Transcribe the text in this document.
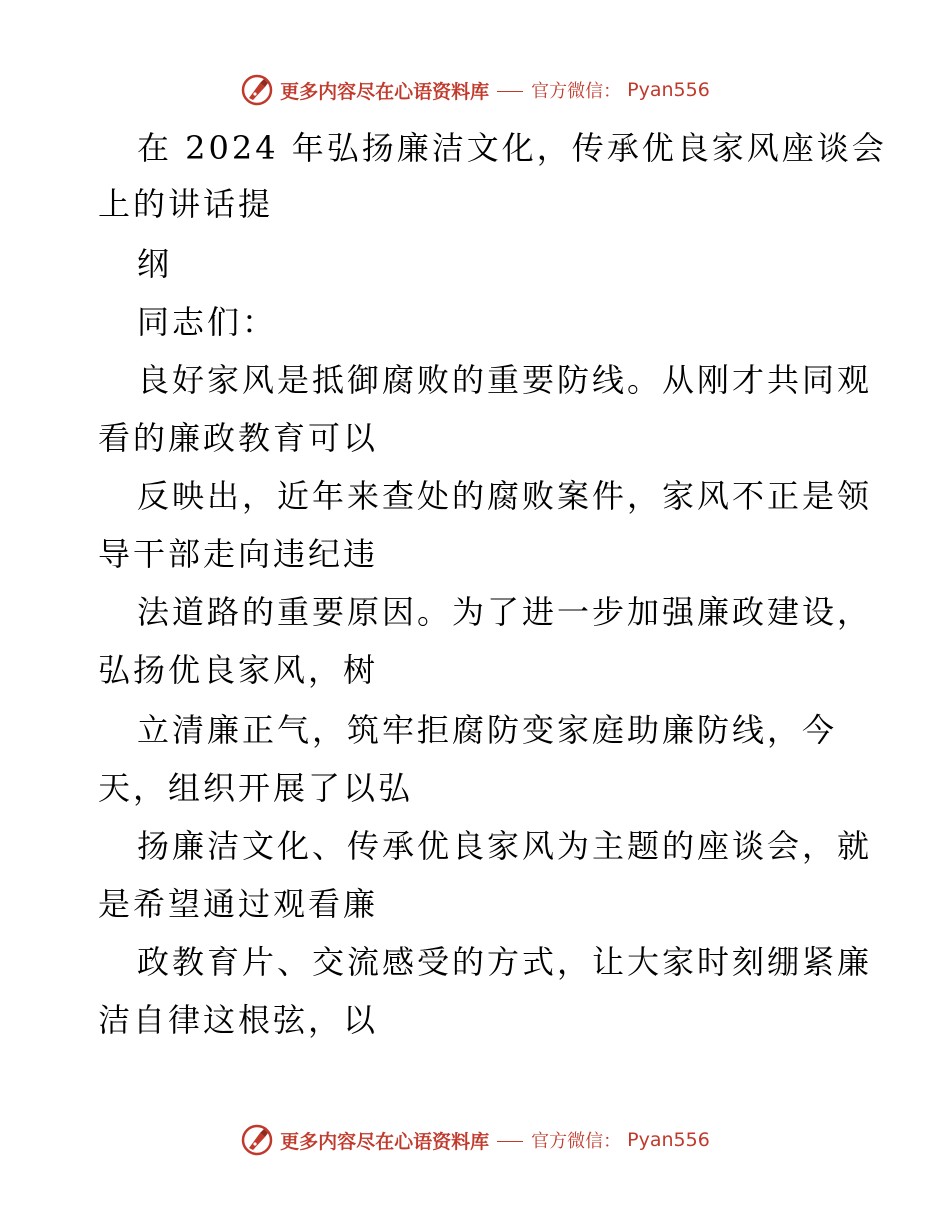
更多内容尽在心语资料库 官方微信： Pyan556
在 2024 年弘扬廉洁文化，传承优良家风座谈会
上的讲话提
纲
同志们：
良好家风是抵御腐败的重要防线。从刚才共同观
看的廉政教育可以
反映出，近年来查处的腐败案件，家风不正是领
导干部走向违纪违
法道路的重要原因。为了进一步加强廉政建设，
弘扬优良家风，树
立清廉正气，筑牢拒腐防变家庭助廉防线，今
天，组织开展了以弘
扬廉洁文化、传承优良家风为主题的座谈会，就
是希望通过观看廉
政教育片、交流感受的方式，让大家时刻绷紧廉
洁自律这根弦，以
更多内容尽在心语资料库 官方微信： Pyan556
